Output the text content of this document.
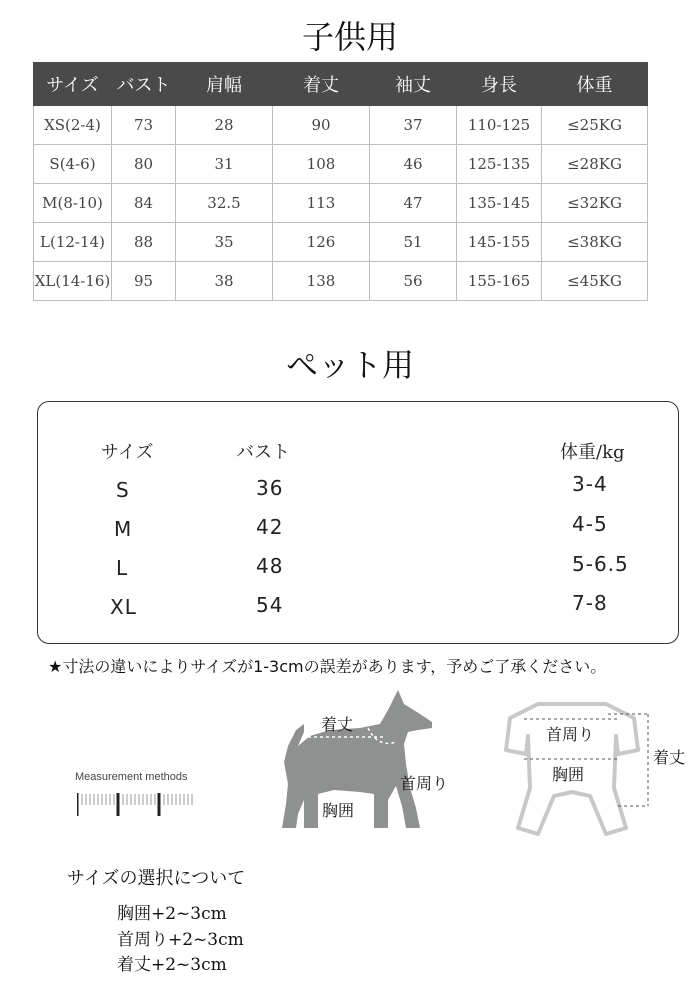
子供用
サイズ	バスト	肩幅	着丈	袖丈	身長	体重
XS(2-4)	73	28	90	37	110-125	≤25KG
S(4-6)	80	31	108	46	125-135	≤28KG
M(8-10)	84	32.5	113	47	135-145	≤32KG
L(12-14)	88	35	126	51	145-155	≤38KG
XL(14-16)	95	38	138	56	155-165	≤45KG
ペット用
サイズ	バスト	体重/kg
S	36	3-4
M	42	4-5
L	48	5-6.5
XL	54	7-8
★寸法の違いによりサイズが1-3cmの誤差があります，予めご了承ください。
Measurement methods
着丈
首周り
胸囲
首周り
胸囲
着丈
サイズの選択について
胸囲+2~3cm
首周り+2~3cm
着丈+2~3cm
